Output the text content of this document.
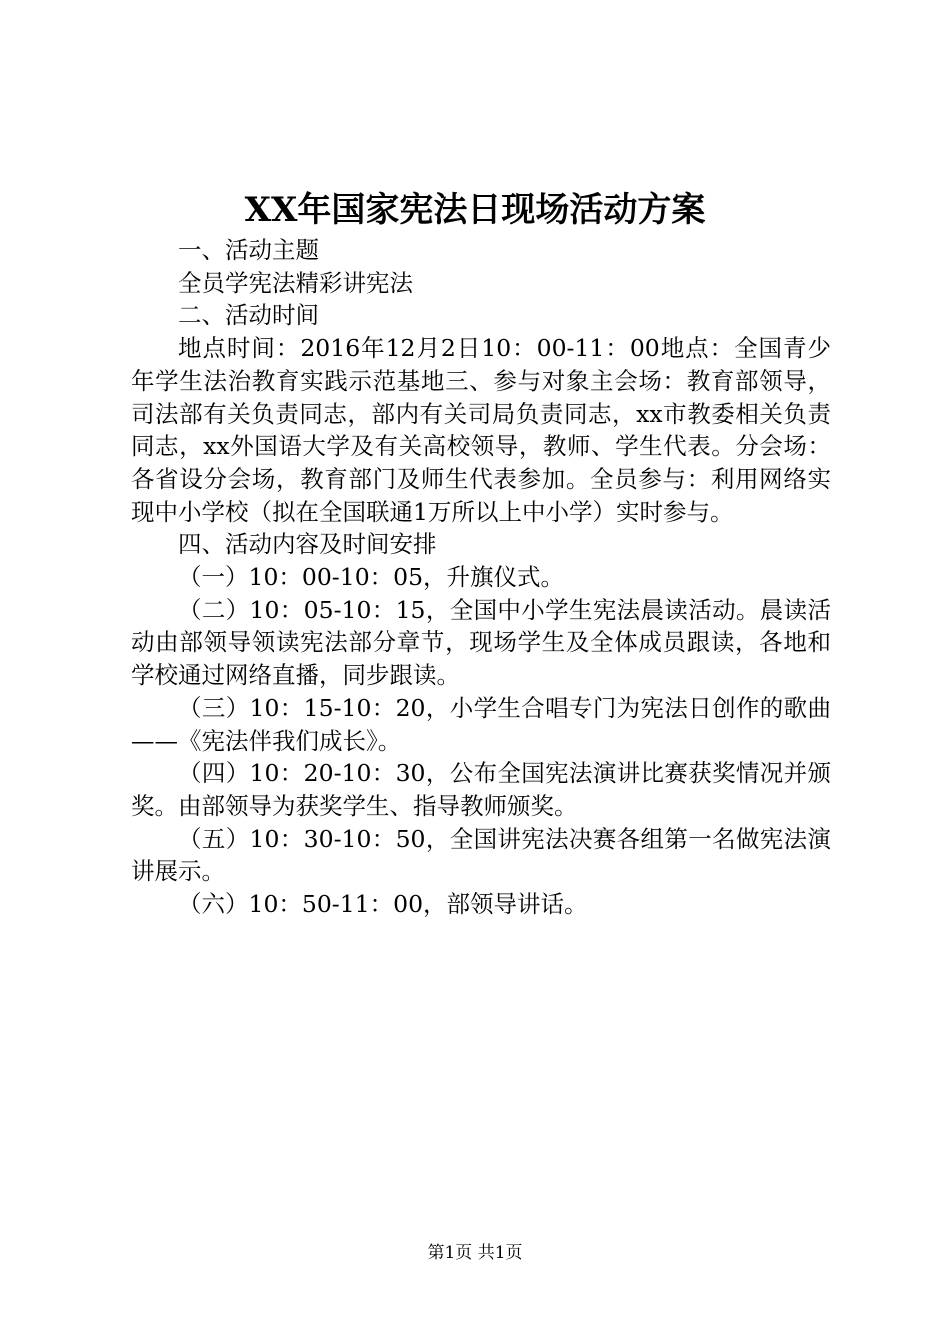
XX年国家宪法日现场活动方案

一、活动主题

全员学宪法精彩讲宪法

二、活动时间

地点时间：2016年12月2日10：00-11：00地点：全国青少年学生法治教育实践示范基地三、参与对象主会场：教育部领导，司法部有关负责同志，部内有关司局负责同志，xx市教委相关负责同志，xx外国语大学及有关高校领导，教师、学生代表。分会场：各省设分会场，教育部门及师生代表参加。全员参与：利用网络实现中小学校（拟在全国联通1万所以上中小学）实时参与。

四、活动内容及时间安排

（一）10：00-10：05，升旗仪式。

（二）10：05-10：15，全国中小学生宪法晨读活动。晨读活动由部领导领读宪法部分章节，现场学生及全体成员跟读，各地和学校通过网络直播，同步跟读。

（三）10：15-10：20，小学生合唱专门为宪法日创作的歌曲——《宪法伴我们成长》。

（四）10：20-10：30，公布全国宪法演讲比赛获奖情况并颁奖。由部领导为获奖学生、指导教师颁奖。

（五）10：30-10：50，全国讲宪法决赛各组第一名做宪法演讲展示。

（六）10：50-11：00，部领导讲话。

第1页 共1页
